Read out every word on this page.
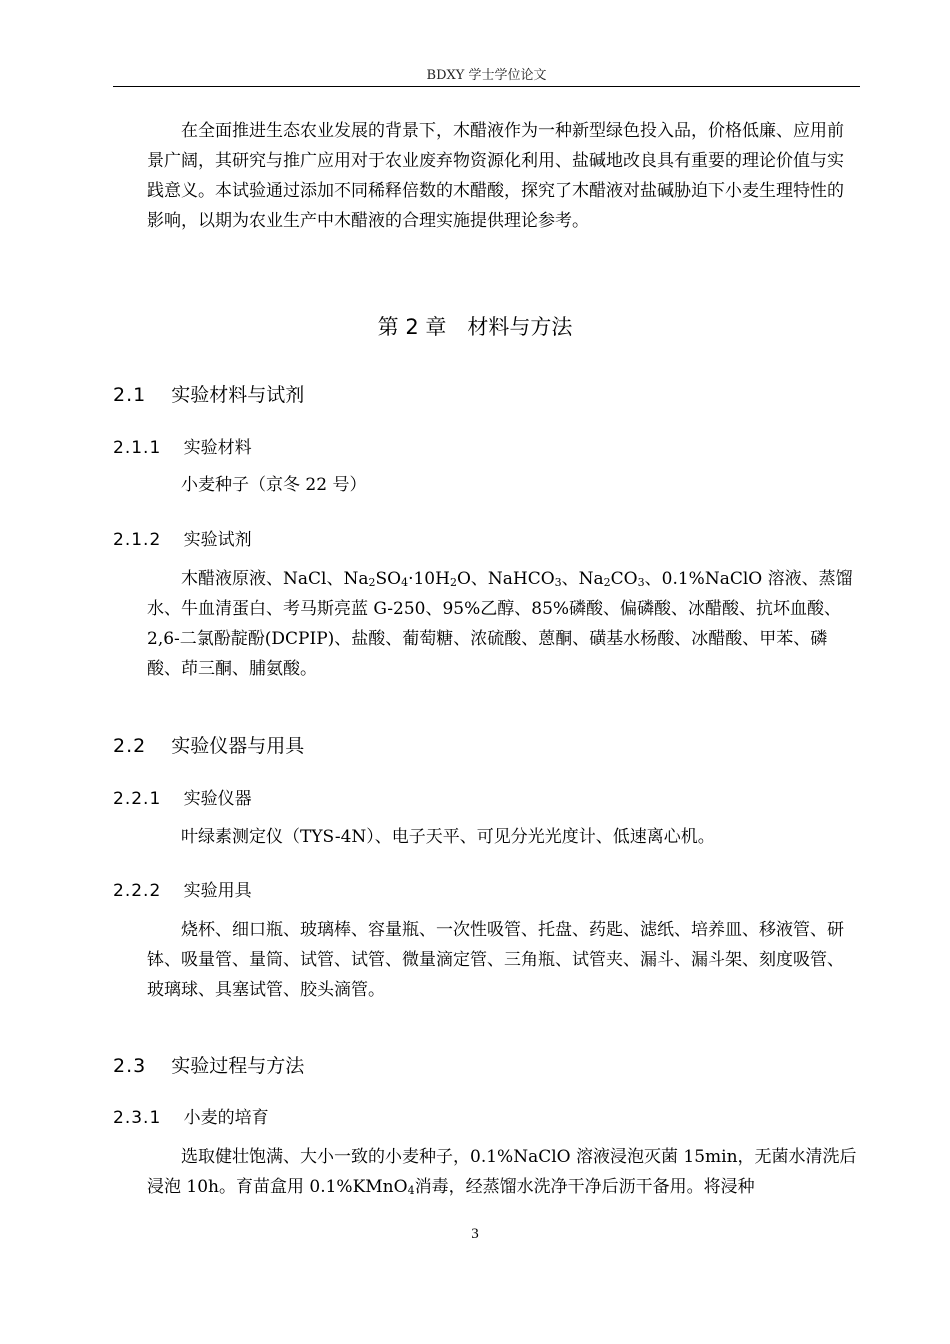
BDXY 学士学位论文

在全面推进生态农业发展的背景下，木醋液作为一种新型绿色投入品，价格低廉、应用前景广阔，其研究与推广应用对于农业废弃物资源化利用、盐碱地改良具有重要的理论价值与实践意义。本试验通过添加不同稀释倍数的木醋酸，探究了木醋液对盐碱胁迫下小麦生理特性的影响，以期为农业生产中木醋液的合理实施提供理论参考。

第 2 章　材料与方法
2.1　 实验材料与试剂
2.1.1　 实验材料

小麦种子（京冬 22 号）

2.1.2　 实验试剂

木醋液原液、NaCl、$Na_2SO_4\cdot 10H_2O$、NaHCO$_3$、$Na_2CO_3$、0.1%NaClO 溶液、蒸馏水、牛血清蛋白、考马斯亮蓝 G-250、95%乙醇、85%磷酸、偏磷酸、冰醋酸、抗坏血酸、2,6-二氯酚靛酚(DCPIP)、盐酸、葡萄糖、浓硫酸、蒽酮、磺基水杨酸、冰醋酸、甲苯、磷酸、茚三酮、脯氨酸。

2.2　 实验仪器与用具
2.2.1　 实验仪器

叶绿素测定仪（TYS-4N）、电子天平、可见分光光度计、低速离心机。

2.2.2　 实验用具

烧杯、细口瓶、玻璃棒、容量瓶、一次性吸管、托盘、药匙、滤纸、培养皿、移液管、研钵、吸量管、量筒、试管、试管、微量滴定管、三角瓶、试管夹、漏斗、漏斗架、刻度吸管、玻璃球、具塞试管、胶头滴管。

2.3　 实验过程与方法
2.3.1　 小麦的培育

选取健壮饱满、大小一致的小麦种子，0.1%NaClO 溶液浸泡灭菌 15min，无菌水清洗后浸泡 10h。育苗盒用 0.1%KMnO$_4$消毒，经蒸馏水洗净干净后沥干备用。将浸种

3
